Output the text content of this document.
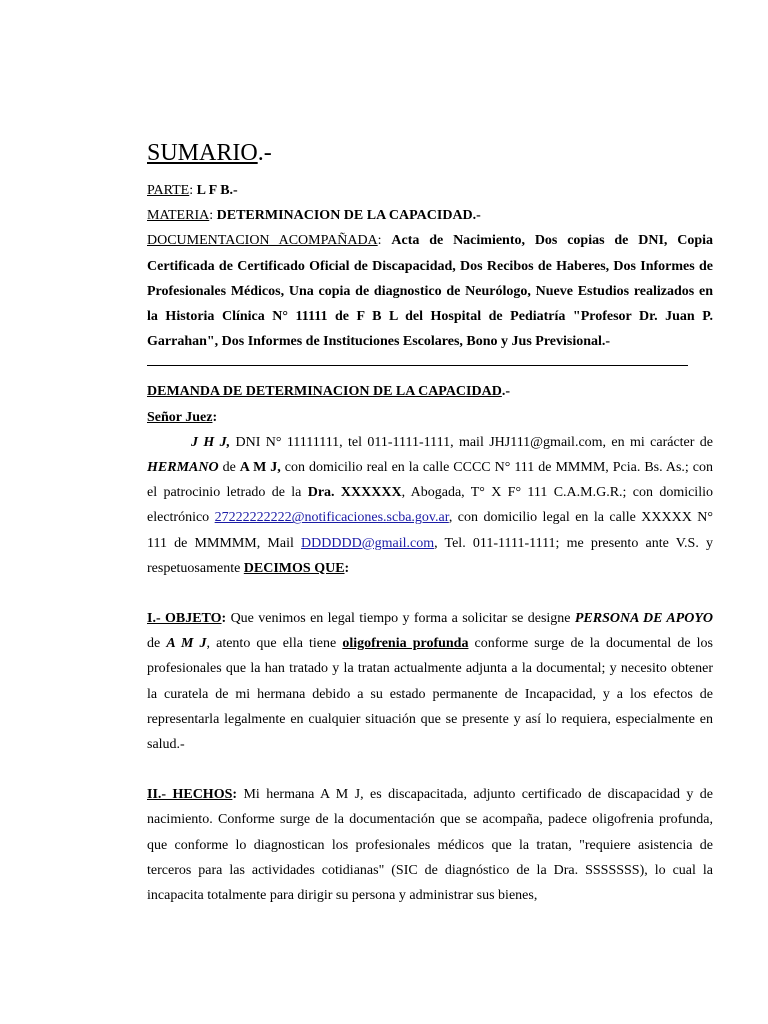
SUMARIO.-

PARTE: L F B.-

MATERIA: DETERMINACION DE LA CAPACIDAD.-

DOCUMENTACION ACOMPAÑADA: Acta de Nacimiento, Dos copias de DNI, Copia Certificada de Certificado Oficial de Discapacidad, Dos Recibos de Haberes, Dos Informes de Profesionales Médicos, Una copia de diagnostico de Neurólogo, Nueve Estudios realizados en la Historia Clínica N° 11111 de F B L del Hospital de Pediatría "Profesor Dr. Juan P. Garrahan", Dos Informes de Instituciones Escolares, Bono y Jus Previsional.-

DEMANDA DE DETERMINACION DE LA CAPACIDAD.-

Señor Juez:

J H J, DNI N° 11111111, tel 011-1111-1111, mail JHJ111@gmail.com, en mi carácter de HERMANO de A M J, con domicilio real en la calle CCCC N° 111 de MMMM, Pcia. Bs. As.; con el patrocinio letrado de la Dra. XXXXXX, Abogada, T° X F° 111 C.A.M.G.R.; con domicilio electrónico 27222222222@notificaciones.scba.gov.ar, con domicilio legal en la calle XXXXX N° 111 de MMMMM, Mail DDDDDD@gmail.com, Tel. 011-1111-1111; me presento ante V.S. y respetuosamente DECIMOS QUE:

I.- OBJETO: Que venimos en legal tiempo y forma a solicitar se designe PERSONA DE APOYO de A M J, atento que ella tiene oligofrenia profunda conforme surge de la documental de los profesionales que la han tratado y la tratan actualmente adjunta a la documental; y necesito obtener la curatela de mi hermana debido a su estado permanente de Incapacidad, y a los efectos de representarla legalmente en cualquier situación que se presente y así lo requiera, especialmente en salud.-

II.- HECHOS: Mi hermana A M J, es discapacitada, adjunto certificado de discapacidad y de nacimiento. Conforme surge de la documentación que se acompaña, padece oligofrenia profunda, que conforme lo diagnostican los profesionales médicos que la tratan, "requiere asistencia de terceros para las actividades cotidianas" (SIC de diagnóstico de la Dra. SSSSSSS), lo cual la incapacita totalmente para dirigir su persona y administrar sus bienes,
